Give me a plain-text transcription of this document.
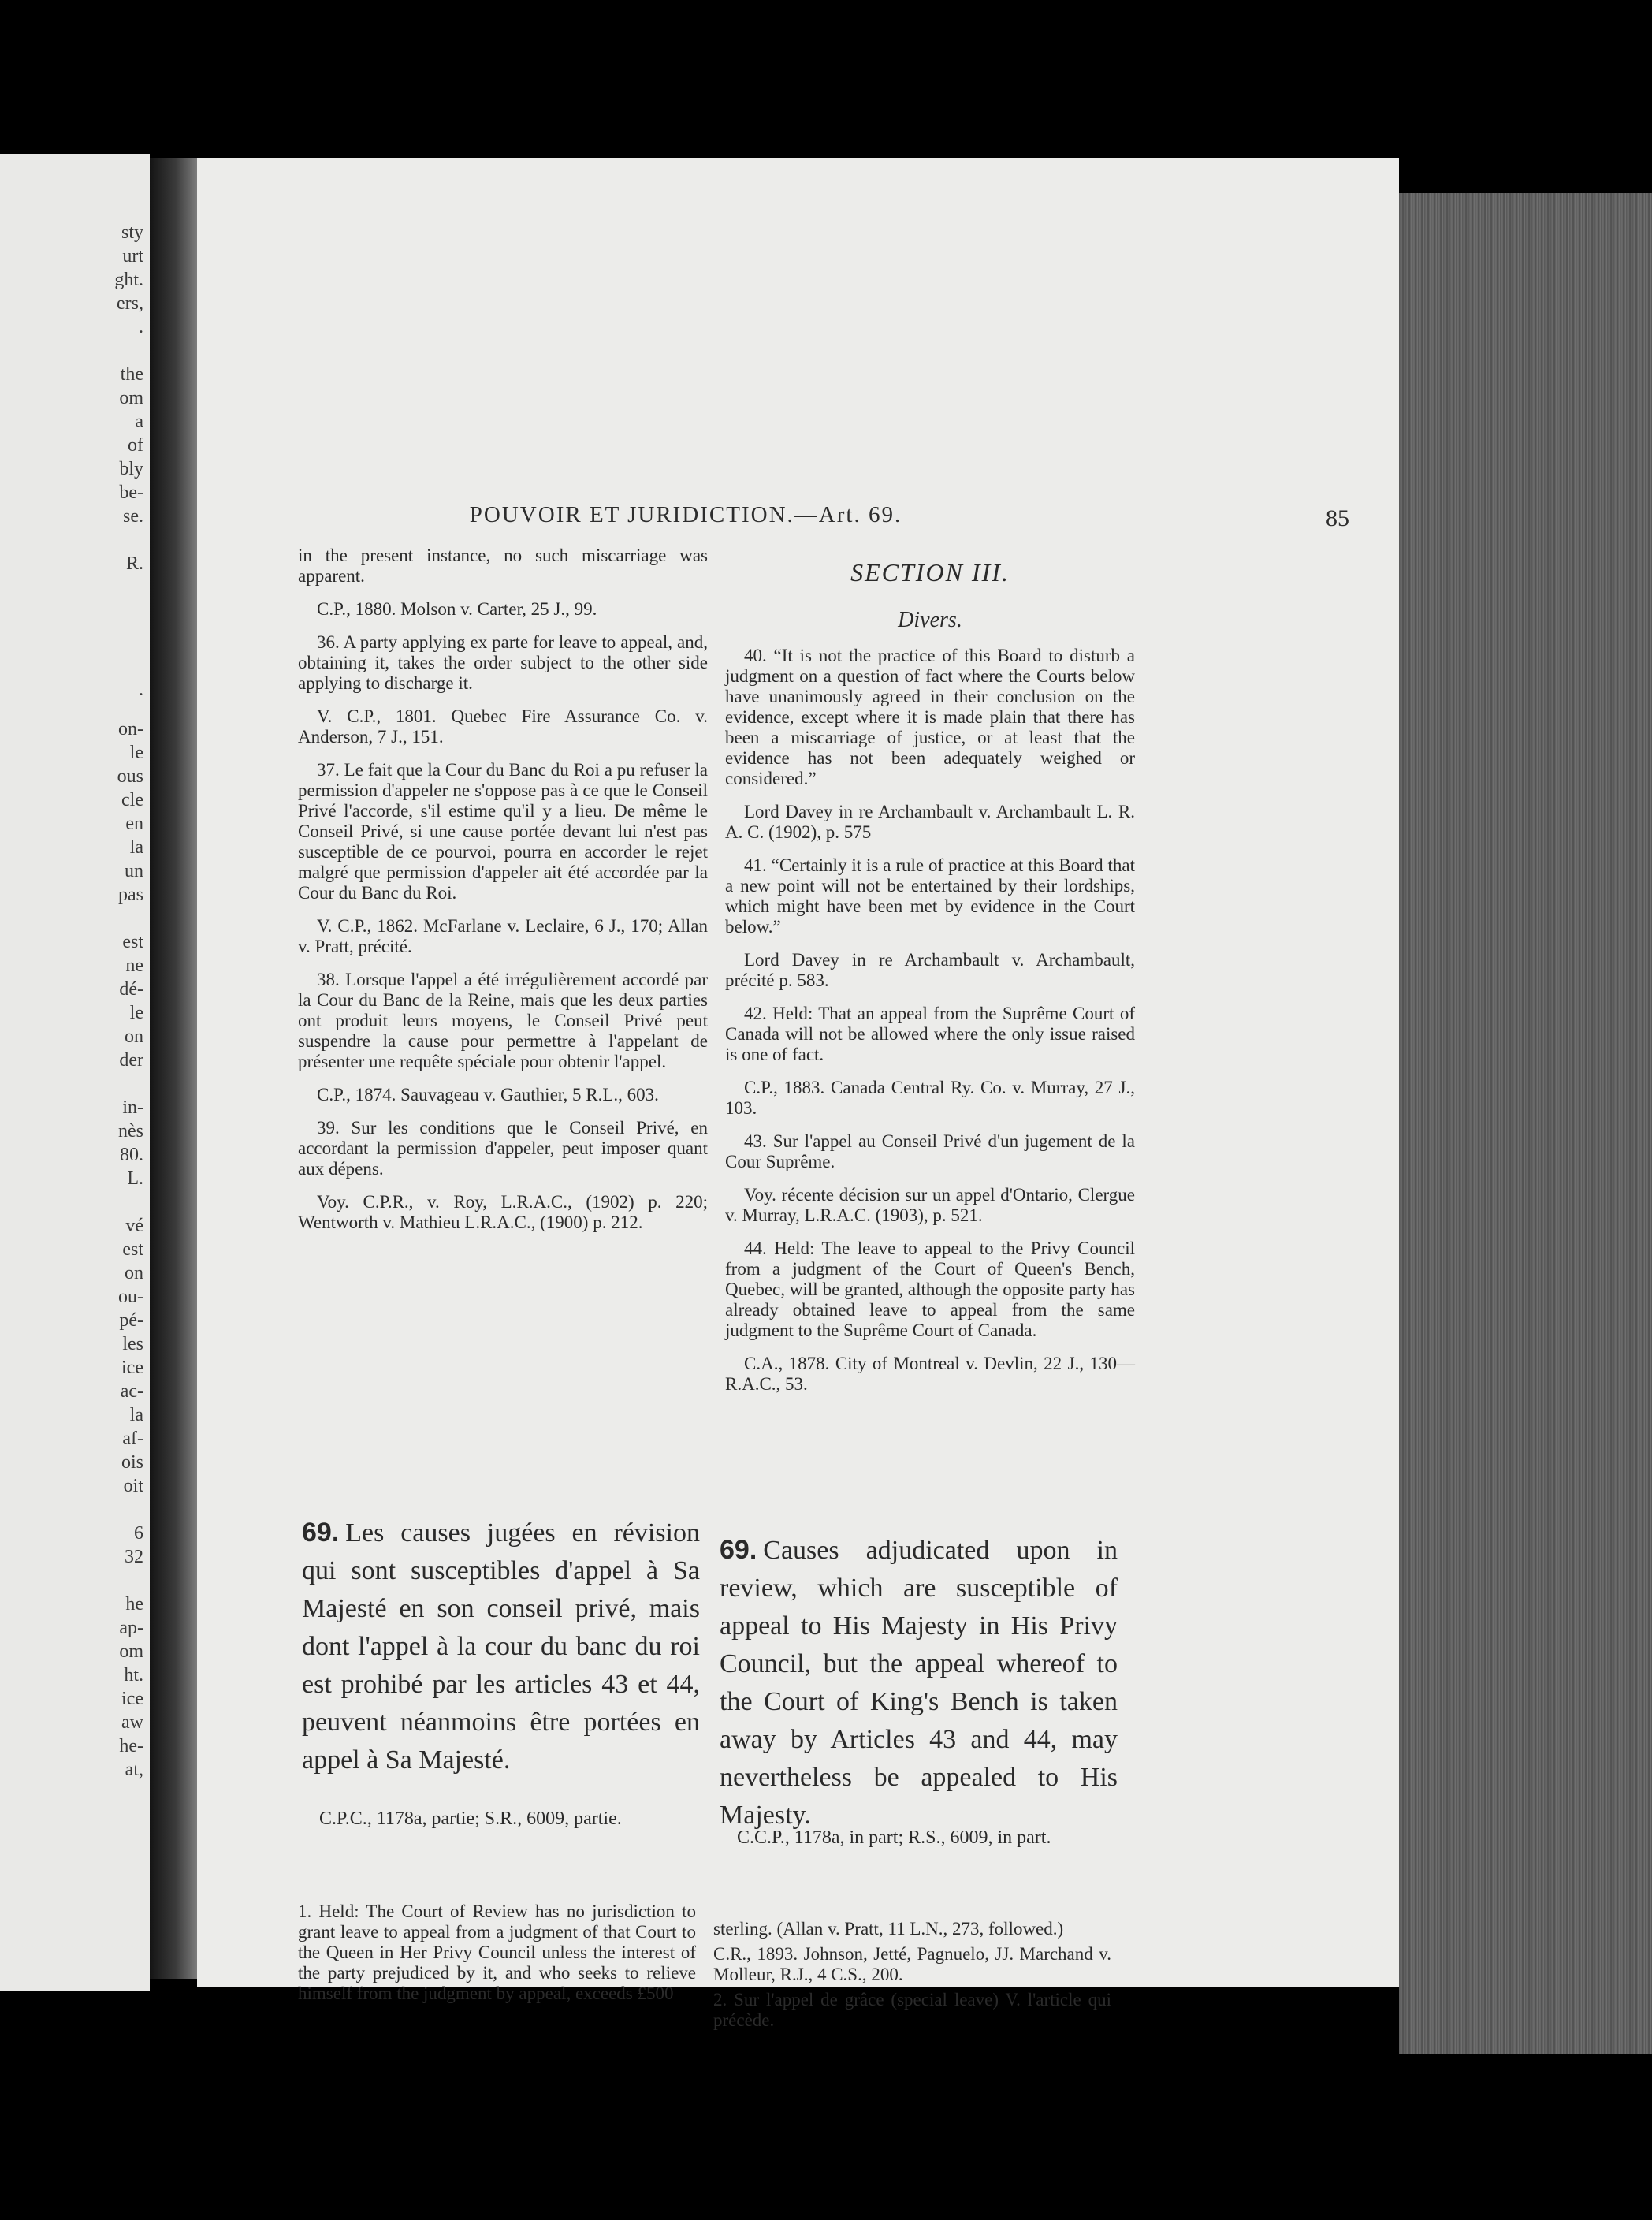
sty
urt
ght.
ers,
.
the
om
a
of
bly
be-
se.
R.
.
on-
le
ous
cle
en
la
un
pas
est
ne
dé-
le
on
der
in-
nès
80.
L.
vé
est
on
ou-
pé-
les
ice
ac-
la
af-
ois
oit
6
32
he
ap-
om
ht.
ice
aw
he-
at,
POUVOIR ET JURIDICTION.—Art. 69.	85

in the present instance, no such miscarriage was apparent.

C.P., 1880. Molson v. Carter, 25 J., 99.

36. A party applying ex parte for leave to appeal, and, obtaining it, takes the order subject to the other side applying to discharge it.

V. C.P., 1801. Quebec Fire Assurance Co. v. Anderson, 7 J., 151.

37. Le fait que la Cour du Banc du Roi a pu refuser la permission d'appeler ne s'oppose pas à ce que le Conseil Privé l'accorde, s'il estime qu'il y a lieu. De même le Conseil Privé, si une cause portée devant lui n'est pas susceptible de ce pourvoi, pourra en accorder le rejet malgré que permission d'appeler ait été accordée par la Cour du Banc du Roi.

V. C.P., 1862. McFarlane v. Leclaire, 6 J., 170; Allan v. Pratt, précité.

38. Lorsque l'appel a été irrégulièrement accordé par la Cour du Banc de la Reine, mais que les deux parties ont produit leurs moyens, le Conseil Privé peut suspendre la cause pour permettre à l'appelant de présenter une requête spéciale pour obtenir l'appel.

C.P., 1874. Sauvageau v. Gauthier, 5 R.L., 603.

39. Sur les conditions que le Conseil Privé, en accordant la permission d'appeler, peut imposer quant aux dépens.

Voy. C.P.R., v. Roy, L.R.A.C., (1902) p. 220; Wentworth v. Mathieu L.R.A.C., (1900) p. 212.

SECTION III.
Divers.

40. “It is not the practice of this Board to disturb a judgment on a question of fact where the Courts below have unanimously agreed in their conclusion on the evidence, except where it is made plain that there has been a miscarriage of justice, or at least that the evidence has not been adequately weighed or considered.”

Lord Davey in re Archambault v. Archambault L. R. A. C. (1902), p. 575

41. “Certainly it is a rule of practice at this Board that a new point will not be entertained by their lordships, which might have been met by evidence in the Court below.”

Lord Davey in re Archambault v. Archambault, précité p. 583.

42. Held: That an appeal from the Suprême Court of Canada will not be allowed where the only issue raised is one of fact.

C.P., 1883. Canada Central Ry. Co. v. Murray, 27 J., 103.

43. Sur l'appel au Conseil Privé d'un jugement de la Cour Suprême.

Voy. récente décision sur un appel d'Ontario, Clergue v. Murray, L.R.A.C. (1903), p. 521.

44. Held: The leave to appeal to the Privy Council from a judgment of the Court of Queen's Bench, Quebec, will be granted, although the opposite party has already obtained leave to appeal from the same judgment to the Suprême Court of Canada.

C.A., 1878. City of Montreal v. Devlin, 22 J., 130—R.A.C., 53.

69. Les causes jugées en révision qui sont susceptibles d'appel à Sa Majesté en son conseil privé, mais dont l'appel à la cour du banc du roi est prohibé par les articles 43 et 44, peuvent néanmoins être portées en appel à Sa Majesté.
C.P.C., 1178a, partie; S.R., 6009, partie.
69. Causes adjudicated upon in review, which are susceptible of appeal to His Majesty in His Privy Council, but the appeal whereof to the Court of King's Bench is taken away by Articles 43 and 44, may nevertheless be appealed to His Majesty.
C.C.P., 1178a, in part; R.S., 6009, in part.

1. Held: The Court of Review has no jurisdiction to grant leave to appeal from a judgment of that Court to the Queen in Her Privy Council unless the interest of the party prejudiced by it, and who seeks to relieve himself from the judgment by appeal, exceeds £500

sterling. (Allan v. Pratt, 11 L.N., 273, followed.)

C.R., 1893. Johnson, Jetté, Pagnuelo, JJ. Marchand v. Molleur, R.J., 4 C.S., 200.

2. Sur l'appel de grâce (special leave) V. l'article qui précède.
